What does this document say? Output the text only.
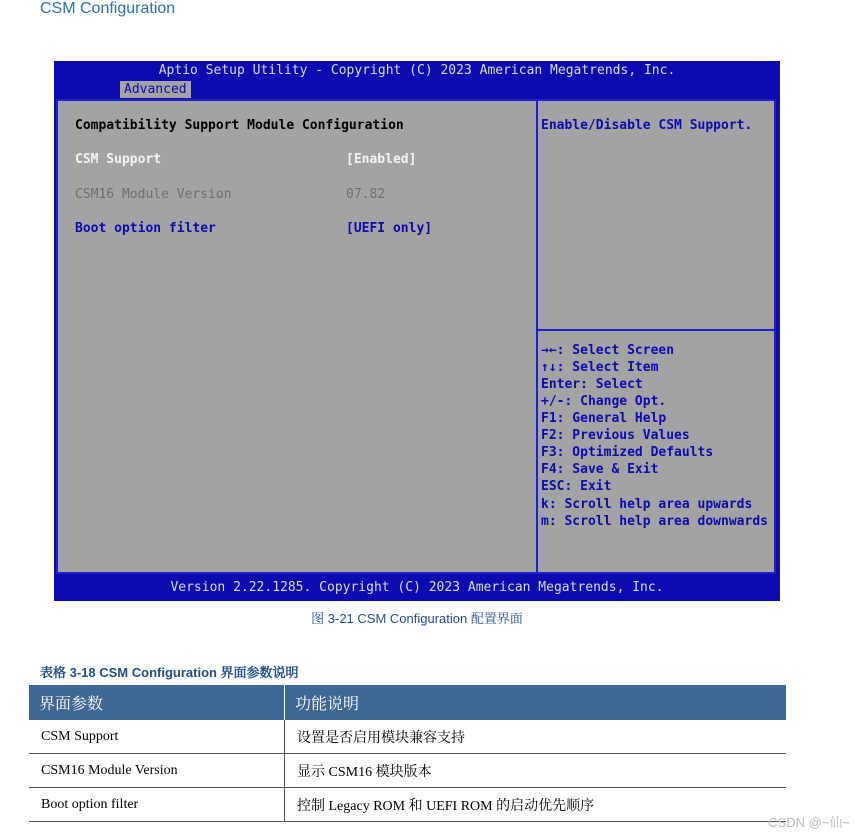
CSM Configuration
Aptio Setup Utility - Copyright (C) 2023 American Megatrends, Inc.
Advanced
Compatibility Support Module Configuration
CSM Support	[Enabled]
CSM16 Module Version	07.82
Boot option filter	[UEFI only]
Enable/Disable CSM Support.
→←: Select Screen
↑↓: Select Item
Enter: Select
+/-: Change Opt.
F1: General Help
F2: Previous Values
F3: Optimized Defaults
F4: Save & Exit
ESC: Exit
k: Scroll help area upwards
m: Scroll help area downwards
Version 2.22.1285. Copyright (C) 2023 American Megatrends, Inc.
图 3-21 CSM Configuration 配置界面
表格 3-18 CSM Configuration 界面参数说明
界面参数	功能说明
CSM Support	设置是否启用模块兼容支持
CSM16 Module Version	显示 CSM16 模块版本
Boot option filter	控制 Legacy ROM 和 UEFI ROM 的启动优先顺序
CSDN @~仙~
